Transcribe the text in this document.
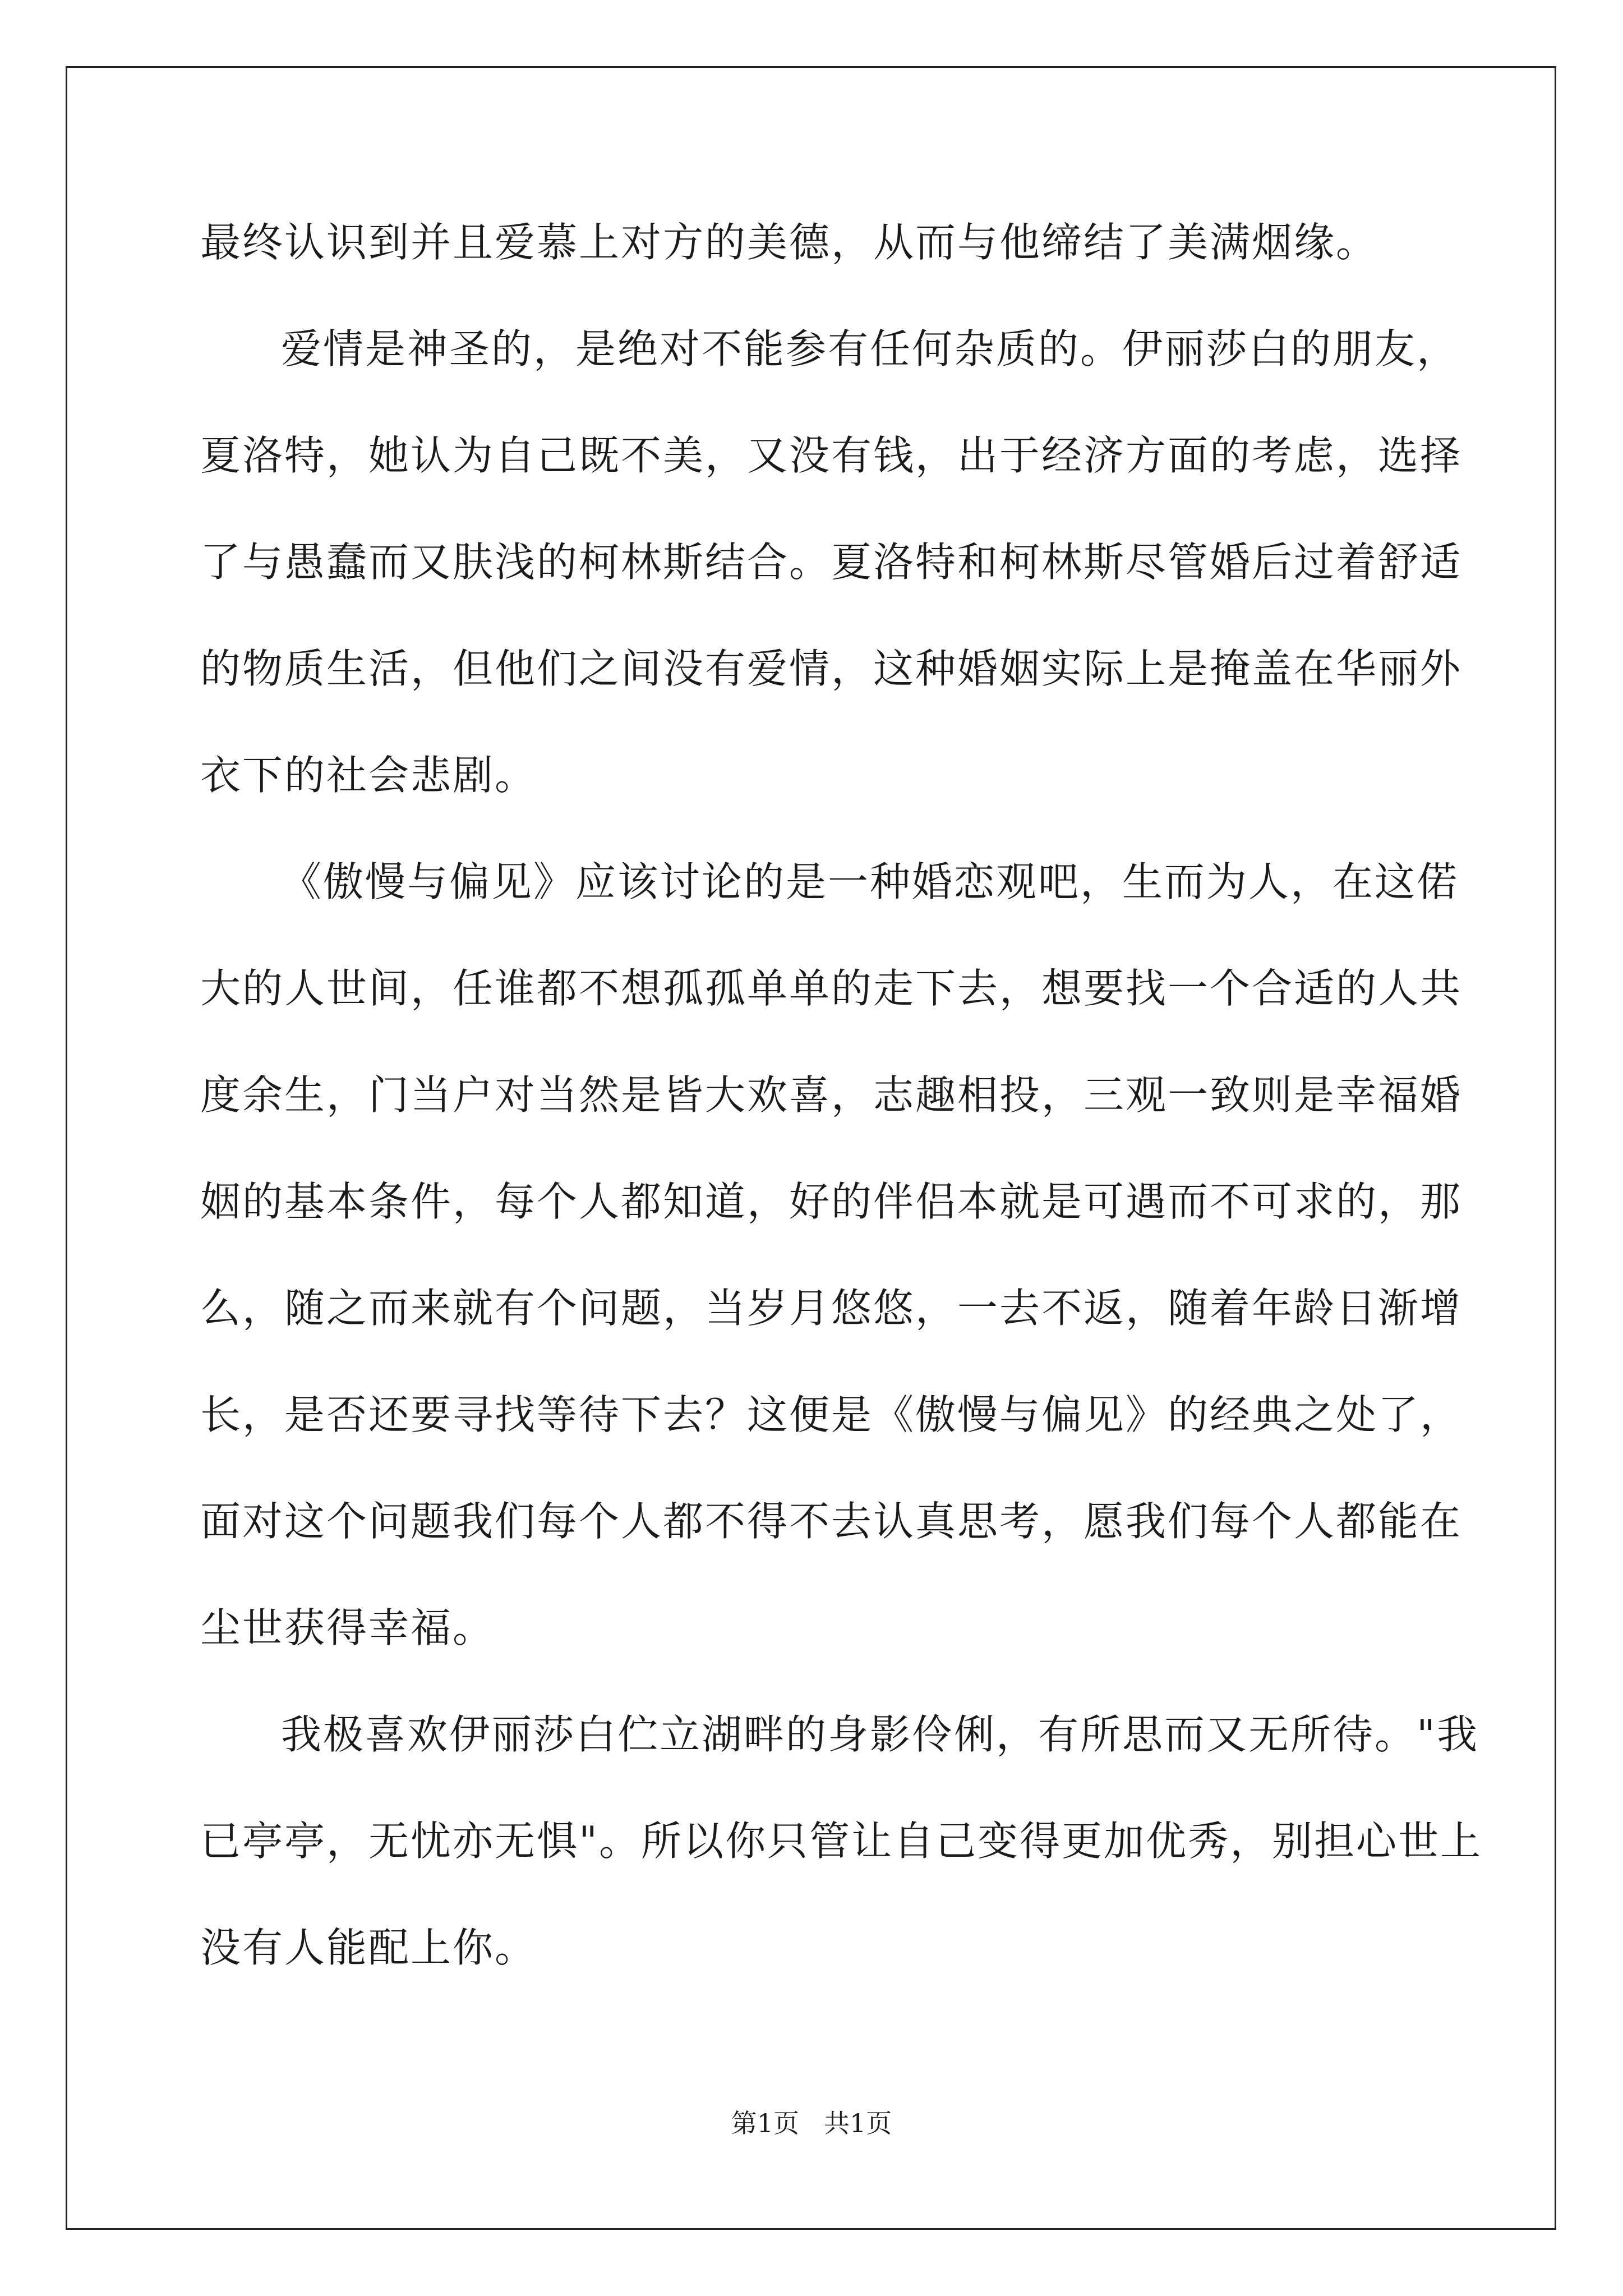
最终认识到并且爱慕上对方的美德，从而与他缔结了美满烟缘。
爱情是神圣的，是绝对不能参有任何杂质的。伊丽莎白的朋友，
夏洛特，她认为自己既不美，又没有钱，出于经济方面的考虑，选择
了与愚蠢而又肤浅的柯林斯结合。夏洛特和柯林斯尽管婚后过着舒适
的物质生活，但他们之间没有爱情，这种婚姻实际上是掩盖在华丽外
衣下的社会悲剧。
《傲慢与偏见》应该讨论的是一种婚恋观吧，生而为人，在这偌
大的人世间，任谁都不想孤孤单单的走下去，想要找一个合适的人共
度余生，门当户对当然是皆大欢喜，志趣相投，三观一致则是幸福婚
姻的基本条件，每个人都知道，好的伴侣本就是可遇而不可求的，那
么，随之而来就有个问题，当岁月悠悠，一去不返，随着年龄日渐增
长，是否还要寻找等待下去？这便是《傲慢与偏见》的经典之处了，
面对这个问题我们每个人都不得不去认真思考，愿我们每个人都能在
尘世获得幸福。
我极喜欢伊丽莎白伫立湖畔的身影伶俐，有所思而又无所待。"我
已亭亭，无忧亦无惧"。所以你只管让自己变得更加优秀，别担心世上
没有人能配上你。
第1页 共1页
